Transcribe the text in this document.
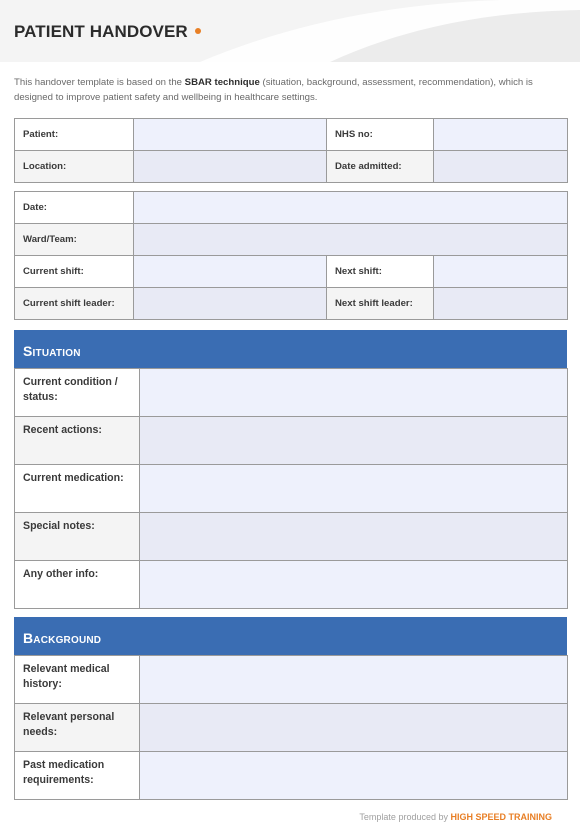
PATIENT HANDOVER
This handover template is based on the SBAR technique (situation, background, assessment, recommendation), which is designed to improve patient safety and wellbeing in healthcare settings.
Patient:		NHS no:	
Location:		Date admitted:	
Date:			
Ward/Team:			
Current shift:		Next shift:	
Current shift leader:		Next shift leader:	
Situation
Current condition / status:	
Recent actions:	
Current medication:	
Special notes:	
Any other info:	
Background
Relevant medical history:	
Relevant personal needs:	
Past medication requirements:	
Template produced by HIGH SPEED TRAINING
